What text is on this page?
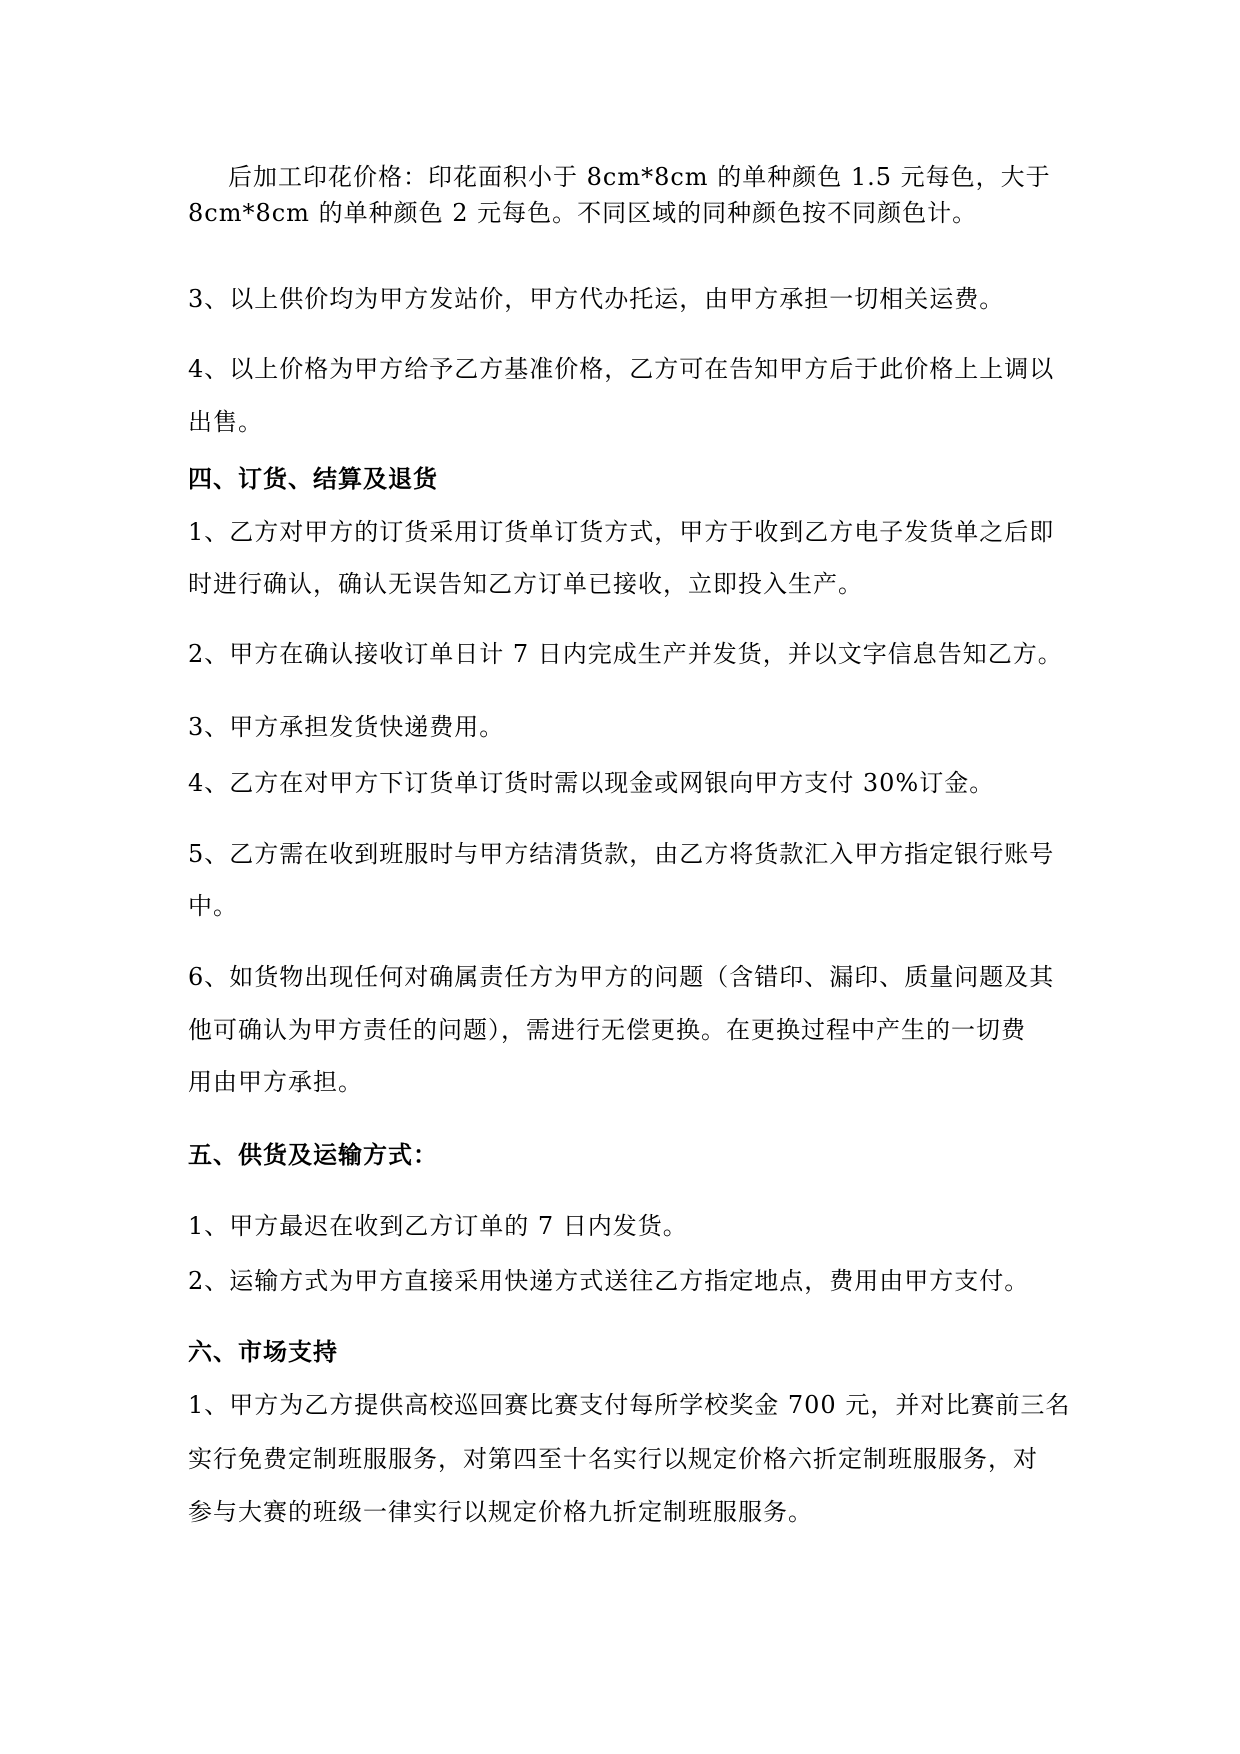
后加工印花价格：印花面积小于 8cm*8cm 的单种颜色 1.5 元每色，大于
8cm*8cm 的单种颜色 2 元每色。不同区域的同种颜色按不同颜色计。
3、以上供价均为甲方发站价，甲方代办托运，由甲方承担一切相关运费。
4、以上价格为甲方给予乙方基准价格，乙方可在告知甲方后于此价格上上调以
出售。
四、订货、结算及退货
1、乙方对甲方的订货采用订货单订货方式，甲方于收到乙方电子发货单之后即
时进行确认，确认无误告知乙方订单已接收，立即投入生产。
2、甲方在确认接收订单日计 7 日内完成生产并发货，并以文字信息告知乙方。
3、甲方承担发货快递费用。
4、乙方在对甲方下订货单订货时需以现金或网银向甲方支付 30%订金。
5、乙方需在收到班服时与甲方结清货款，由乙方将货款汇入甲方指定银行账号
中。
6、如货物出现任何对确属责任方为甲方的问题（含错印、漏印、质量问题及其
他可确认为甲方责任的问题），需进行无偿更换。在更换过程中产生的一切费
用由甲方承担。
五、供货及运输方式：
1、甲方最迟在收到乙方订单的 7 日内发货。
2、运输方式为甲方直接采用快递方式送往乙方指定地点，费用由甲方支付。
六、市场支持
1、甲方为乙方提供高校巡回赛比赛支付每所学校奖金 700 元，并对比赛前三名
实行免费定制班服服务，对第四至十名实行以规定价格六折定制班服服务，对
参与大赛的班级一律实行以规定价格九折定制班服服务。
